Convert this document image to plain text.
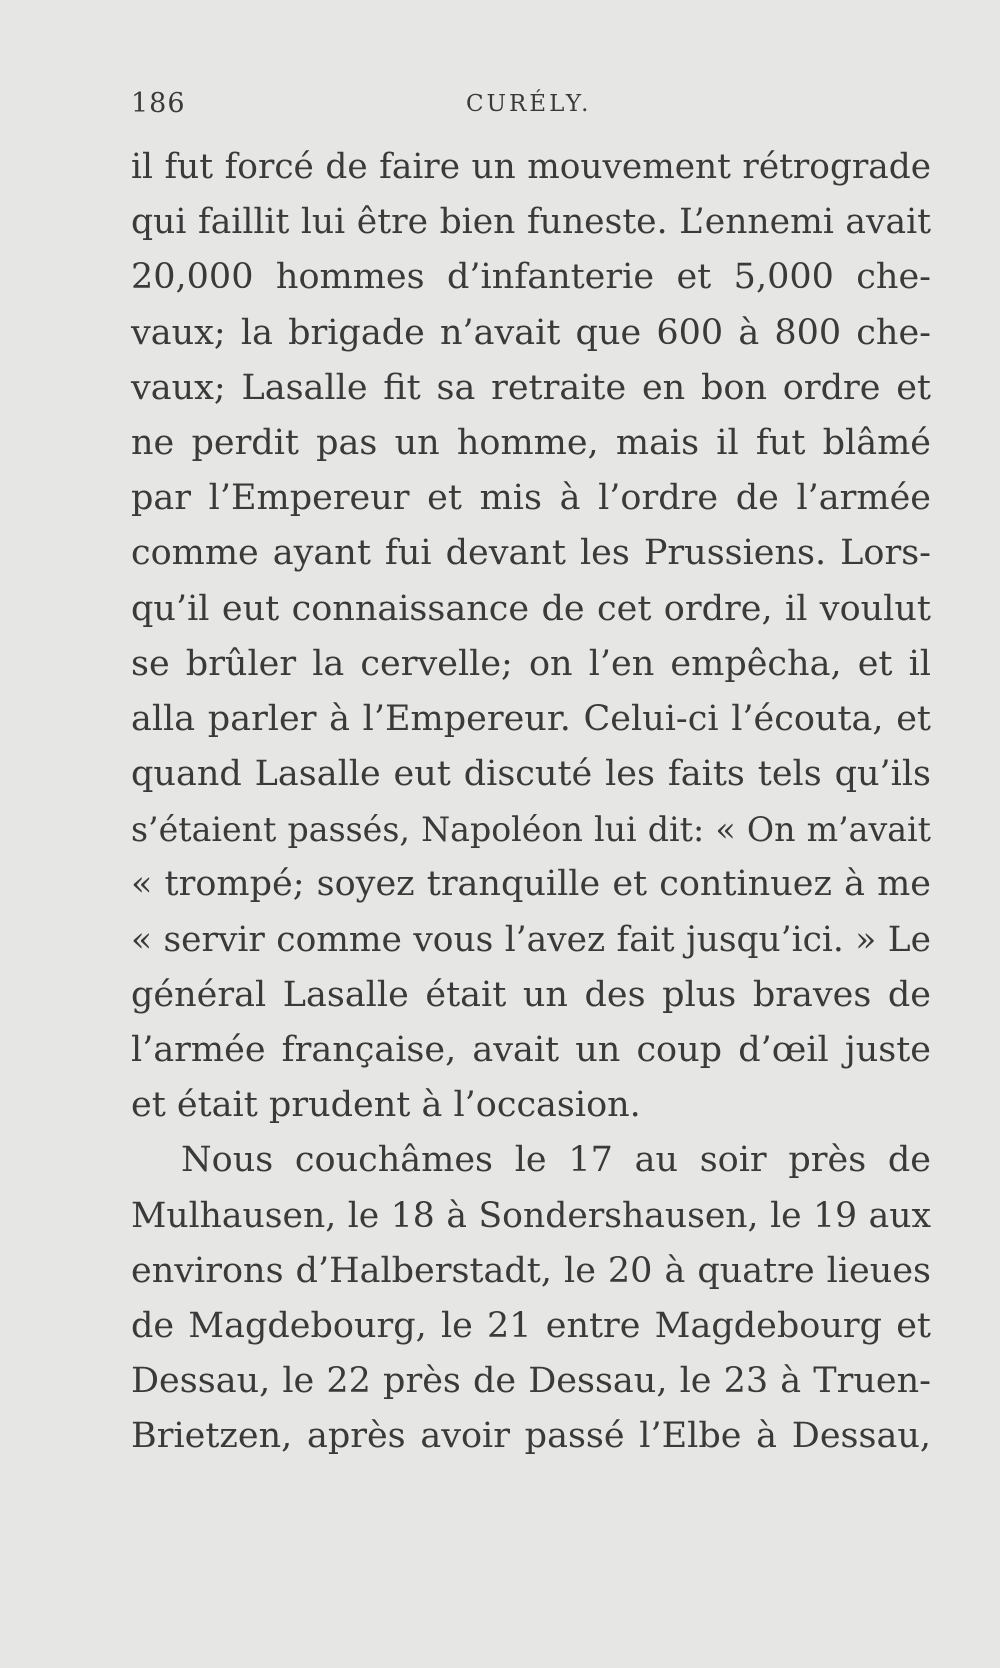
186	CURÉLY.
il fut forcé de faire un mouvement rétrograde
qui faillit lui être bien funeste. L’ennemi avait
20,000 hommes d’infanterie et 5,000 che-
vaux; la brigade n’avait que 600 à 800 che-
vaux; Lasalle fit sa retraite en bon ordre et
ne perdit pas un homme, mais il fut blâmé
par l’Empereur et mis à l’ordre de l’armée
comme ayant fui devant les Prussiens. Lors-
qu’il eut connaissance de cet ordre, il voulut
se brûler la cervelle; on l’en empêcha, et il
alla parler à l’Empereur. Celui-ci l’écouta, et
quand Lasalle eut discuté les faits tels qu’ils
s’étaient passés, Napoléon lui dit: « On m’avait
« trompé; soyez tranquille et continuez à me
« servir comme vous l’avez fait jusqu’ici. » Le
général Lasalle était un des plus braves de
l’armée française, avait un coup d’œil juste
et était prudent à l’occasion.
Nous couchâmes le 17 au soir près de
Mulhausen, le 18 à Sondershausen, le 19 aux
environs d’Halberstadt, le 20 à quatre lieues
de Magdebourg, le 21 entre Magdebourg et
Dessau, le 22 près de Dessau, le 23 à Truen-
Brietzen, après avoir passé l’Elbe à Dessau,
